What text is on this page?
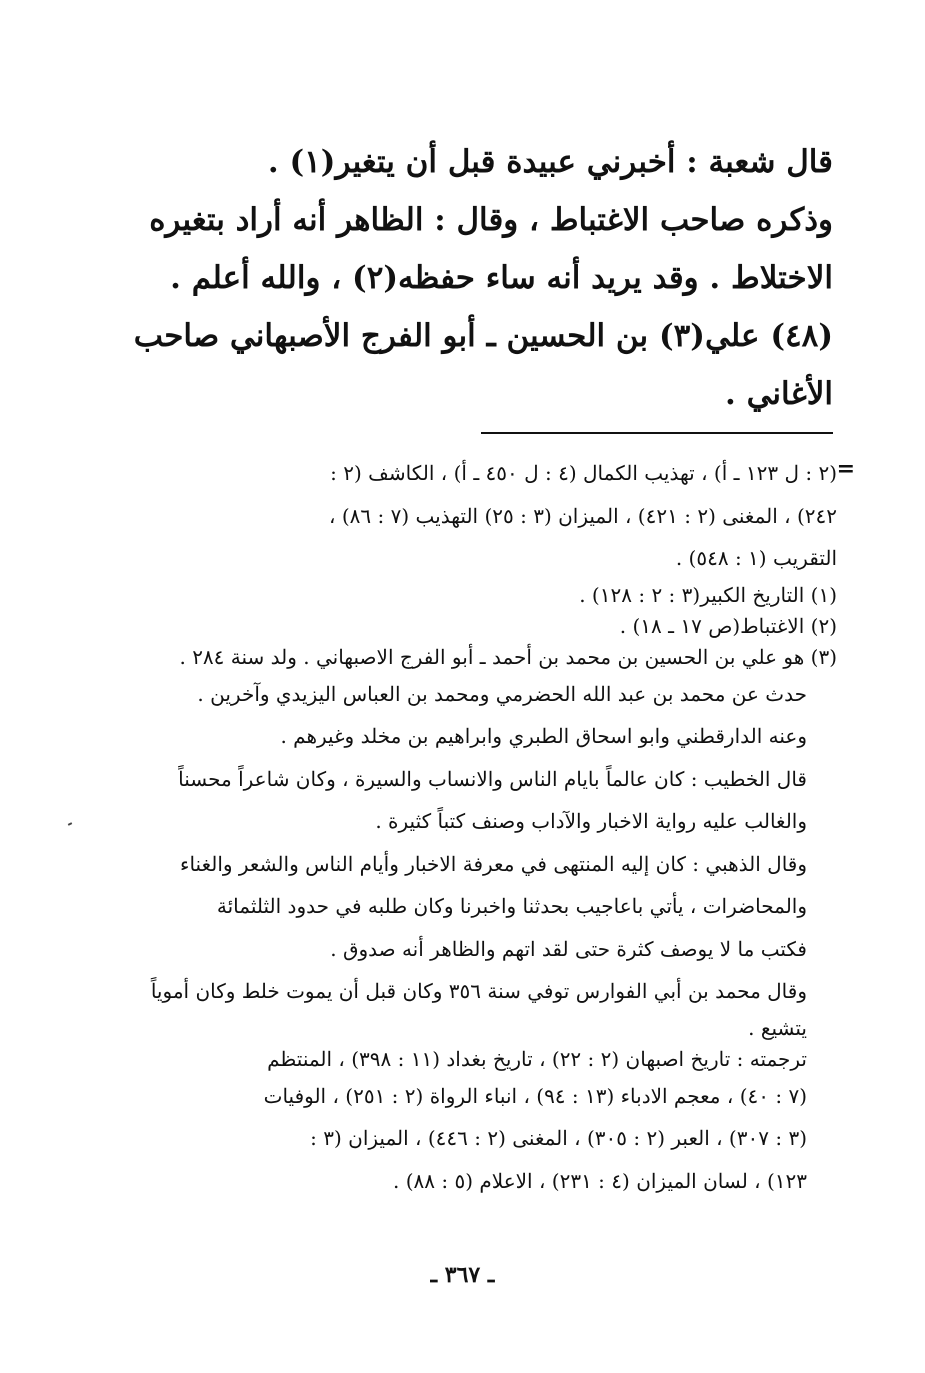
قال شعبة : أخبرني عبيدة قبل أن يتغير(١) .

وذكره صاحب الاغتباط ، وقال : الظاهر أنه أراد بتغيره

الاختلاط . وقد يريد أنه ساء حفظه(٢) ، والله أعلم .

(٤٨) علي(٣) بن الحسين ـ أبو الفرج الأصبهاني صاحب

الأغاني .

=

(٢ : ل ١٢٣ ـ أ) ، تهذيب الكمال (٤ : ل ٤٥٠ ـ أ) ، الكاشف (٢ :

٢٤٢) ، المغنى (٢ : ٤٢١) ، الميزان (٣ : ٢٥) التهذيب (٧ : ٨٦) ،

التقريب (١ : ٥٤٨) .

(١) التاريخ الكبير(٣ : ٢ : ١٢٨) .

(٢) الاغتباط(ص ١٧ ـ ١٨) .

(٣) هو علي بن الحسين بن محمد بن أحمد ـ أبو الفرج الاصبهاني . ولد سنة ٢٨٤ .

حدث عن محمد بن عبد الله الحضرمي ومحمد بن العباس اليزيدي وآخرين .

وعنه الدارقطني وابو اسحاق الطبري وابراهيم بن مخلد وغيرهم .

قال الخطيب : كان عالماً بايام الناس والانساب والسيرة ، وكان شاعراً محسناً

والغالب عليه رواية الاخبار والآداب وصنف كتباً كثيرة .

وقال الذهبي : كان إليه المنتهى في معرفة الاخبار وأيام الناس والشعر والغناء

والمحاضرات ، يأتي باعاجيب بحدثنا واخبرنا وكان طلبه في حدود الثلثمائة

فكتب ما لا يوصف كثرة حتى لقد اتهم والظاهر أنه صدوق .

وقال محمد بن أبي الفوارس توفي سنة ٣٥٦ وكان قبل أن يموت خلط وكان أموياً

يتشيع .

ترجمته : تاريخ اصبهان (٢ : ٢٢) ، تاريخ بغداد (١١ : ٣٩٨) ، المنتظم

(٧ : ٤٠) ، معجم الادباء (١٣ : ٩٤) ، انباء الرواة (٢ : ٢٥١) ، الوفيات

(٣ : ٣٠٧) ، العبر (٢ : ٣٠٥) ، المغنى (٢ : ٤٤٦) ، الميزان (٣ :

١٢٣) ، لسان الميزان (٤ : ٢٣١) ، الاعلام (٥ : ٨٨) .

ـ ٣٦٧ ـ
